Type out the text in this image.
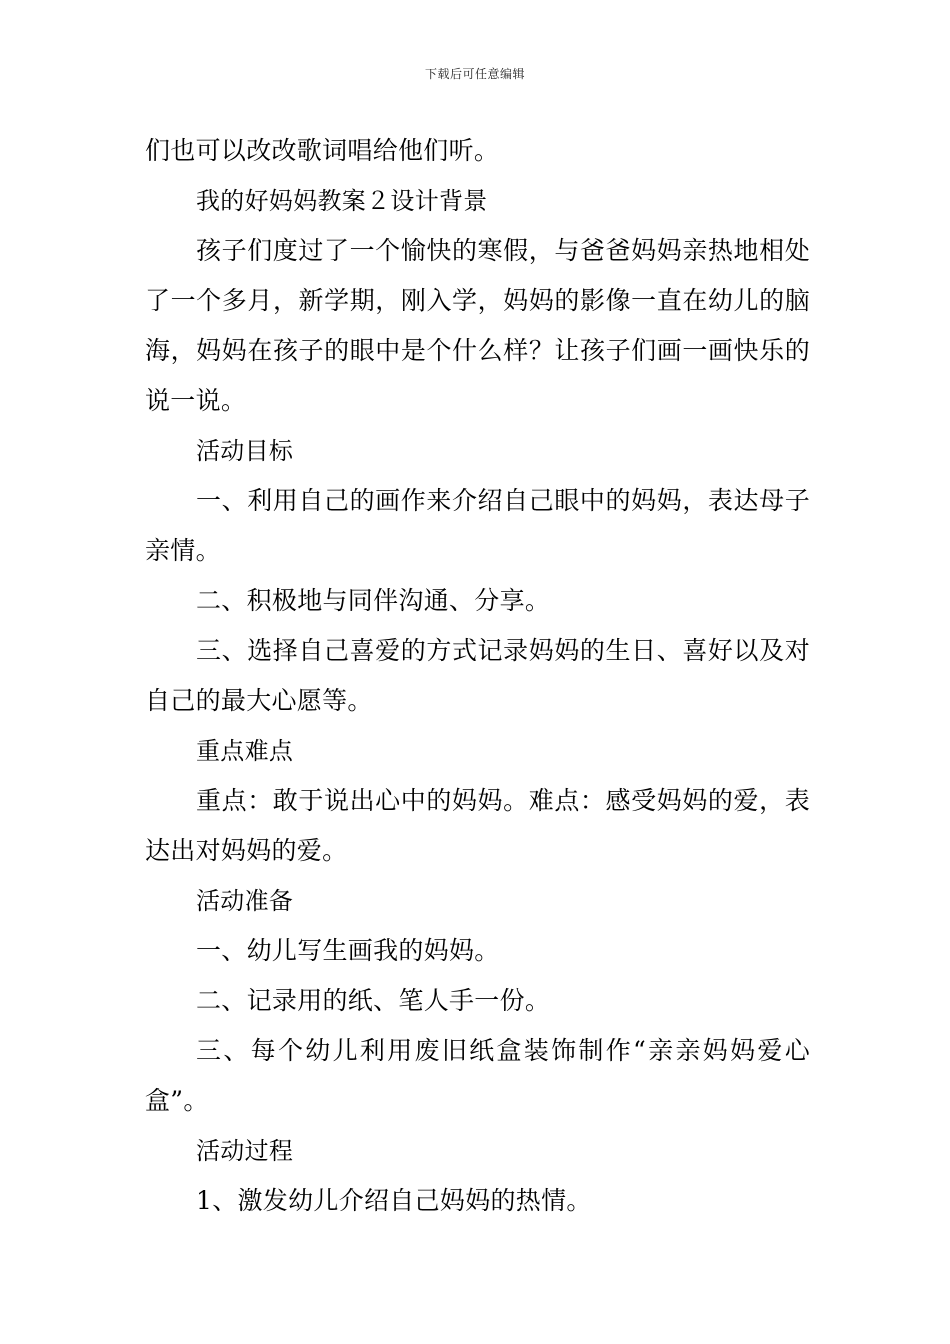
下载后可任意编辑

们也可以改改歌词唱给他们听。

我的好妈妈教案２设计背景

孩子们度过了一个愉快的寒假，与爸爸妈妈亲热地相处了一个多月，新学期，刚入学，妈妈的影像一直在幼儿的脑海，妈妈在孩子的眼中是个什么样？让孩子们画一画快乐的说一说。

活动目标

一、利用自己的画作来介绍自己眼中的妈妈，表达母子亲情。

二、积极地与同伴沟通、分享。

三、选择自己喜爱的方式记录妈妈的生日、喜好以及对自己的最大心愿等。

重点难点

重点：敢于说出心中的妈妈。难点：感受妈妈的爱，表达出对妈妈的爱。

活动准备

一、幼儿写生画我的妈妈。

二、记录用的纸、笔人手一份。

三、每个幼儿利用废旧纸盒装饰制作“亲亲妈妈爱心盒”。

活动过程

1、激发幼儿介绍自己妈妈的热情。
